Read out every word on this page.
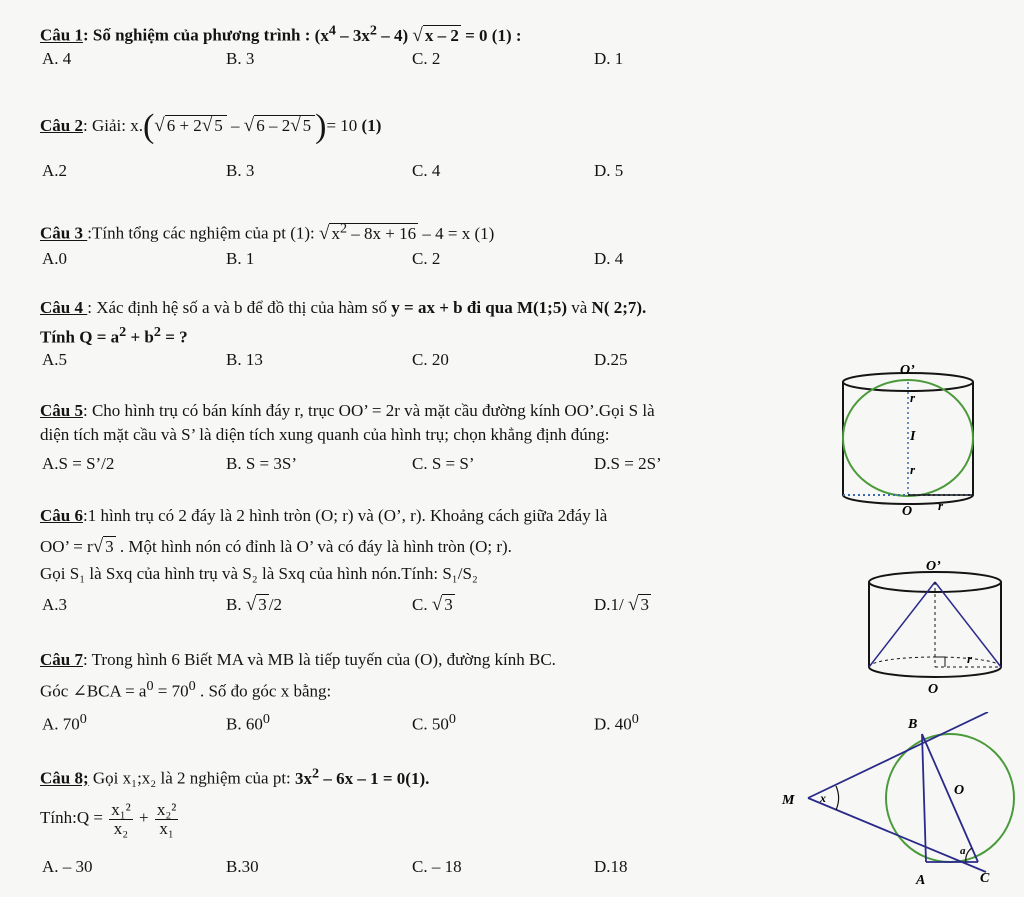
Câu 1: Số nghiệm của phương trình : $(x^4 - 3x^2 - 4)$ √ x – 2 = 0 (1) :
A. 4	B. 3	C. 2	D. 1
Câu 2: Giải: x.(√ 6 + 2√ 5 – √ 6 – 2√ 5 )= 10 (1)
A.2	B. 3	C. 4	D. 5
Câu 3 :Tính tổng các nghiệm của pt (1): √ $x^2 - 8x + 16 - 4 = x$ (1)
A.0	B. 1	C. 2	D. 4
Câu 4 : Xác định hệ số a và b để đồ thị của hàm số y = ax + b đi qua M(1;5) và N( 2;7).
Tính $Q = a^2 + b^2$ = ?
A.5	B. 13	C. 20	D.25
Câu 5: Cho hình trụ có bán kính đáy r, trục OO’ = 2r và mặt cầu đường kính OO’.Gọi S là
diện tích mặt cầu và S’ là diện tích xung quanh của hình trụ; chọn khẳng định đúng:
A.S = S’/2	B. S = 3S’	C. S = S’	D.S = 2S’
Câu 6:1 hình trụ có 2 đáy là 2 hình tròn (O; r) và (O’, r). Khoảng cách giữa 2đáy là
OO’ = r√ 3 . Một hình nón có đỉnh là O’ và có đáy là hình tròn (O; r).
Gọi S₁ là Sxq của hình trụ và S₂ là Sxq của hình nón.Tính: S₁/S₂
A.3	B. √ 3 /2	C. √ 3	D.1/ √ 3
Câu 7: Trong hình 6 Biết MA và MB là tiếp tuyến của (O), đường kính BC.
Góc ∠BCA = $a^0 = 70^0$ . Số đo góc x bằng:
A. $70^0$	B. $60^0$	C. $50^0$	D. $40^0$
Câu 8; Gọi x₁;x₂ là 2 nghiệm của pt: $3x^2 - 6x - 1 = 0(1)$.
Tính:Q = $\frac{\text{x₁²}}{\text{x₂}} + \frac{\text{x₂²}}{\text{x₁}}$
A. – 30	B.30	C. – 18	D.18
O’
r
I
r
O r
O’
r
O
B
O
M x
a
A	C
